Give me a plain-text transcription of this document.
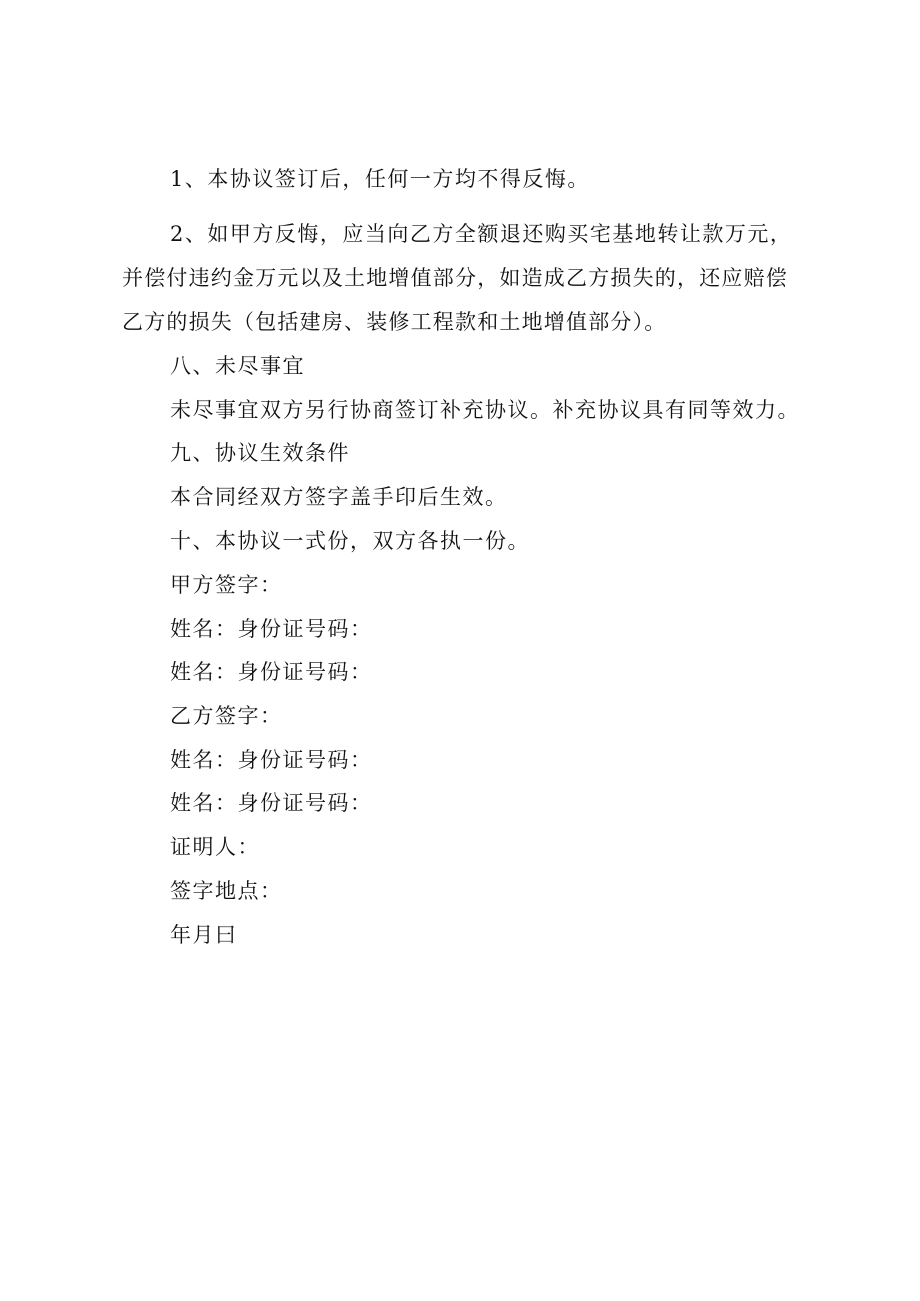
1、本协议签订后，任何一方均不得反悔。
2、如甲方反悔，应当向乙方全额退还购买宅基地转让款万元，
并偿付违约金万元以及土地增值部分，如造成乙方损失的，还应赔偿
乙方的损失（包括建房、装修工程款和土地增值部分）。
八、未尽事宜
未尽事宜双方另行协商签订补充协议。补充协议具有同等效力。
九、协议生效条件
本合同经双方签字盖手印后生效。
十、本协议一式份，双方各执一份。
甲方签字：
姓名：身份证号码：
姓名：身份证号码：
乙方签字：
姓名：身份证号码：
姓名：身份证号码：
证明人：
签字地点：
年月曰
